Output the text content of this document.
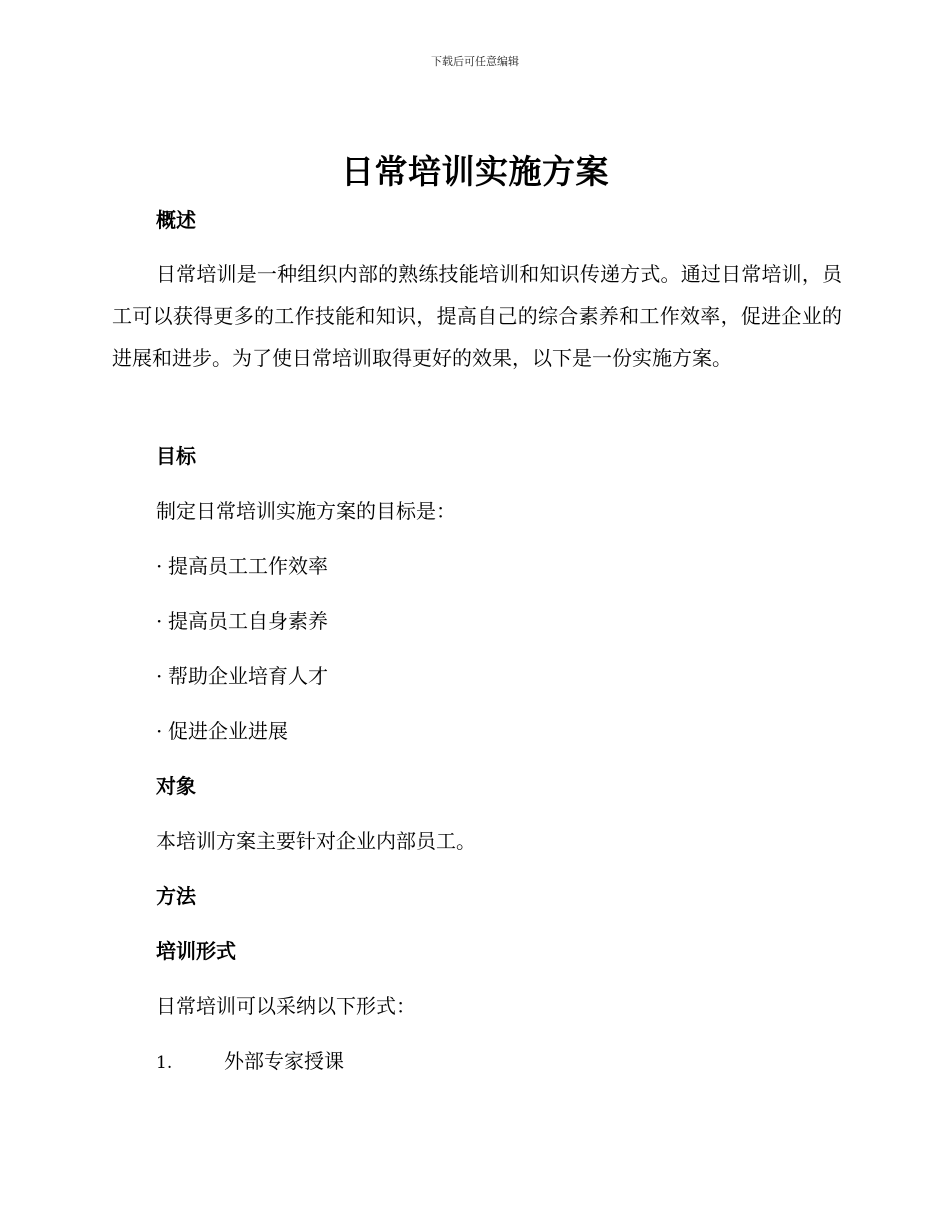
下载后可任意编辑
日常培训实施方案
概述
日常培训是一种组织内部的熟练技能培训和知识传递方式。通过日常培训，员工可以获得更多的工作技能和知识，提高自己的综合素养和工作效率，促进企业的进展和进步。为了使日常培训取得更好的效果，以下是一份实施方案。
目标
制定日常培训实施方案的目标是：
· 提高员工工作效率
· 提高员工自身素养
· 帮助企业培育人才
· 促进企业进展
对象
本培训方案主要针对企业内部员工。
方法
培训形式
日常培训可以采纳以下形式：
1.	外部专家授课
